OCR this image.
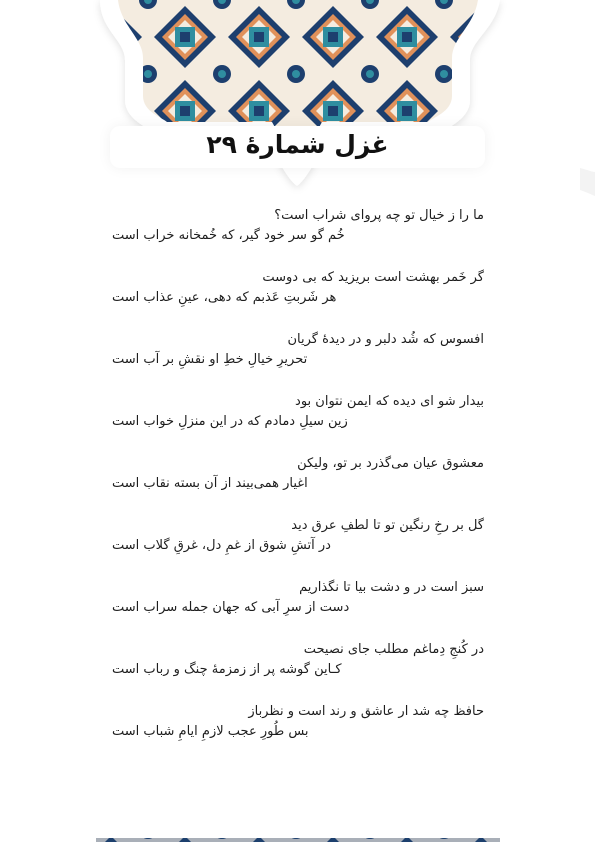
غزل شمارهٔ ۲۹
ما را ز خیال تو چه پروای شراب است؟
خُم گو سر خود گیر، که خُمخانه خراب است
گر خَمر بهشت است بریزید که بی دوست
هر شَربتِ عَذبم که دهی، عینِ عذاب است
افسوس که شُد دلبر و در دیدهٔ گریان
تحریرِ خیالِ خطِ او نقشِ بر آب است
بیدار شو ای دیده که ایمن نتوان بود
زین سیلِ دمادم که در این منزلِ خواب است
معشوق عیان می‌گذرد بر تو، ولیکن
اغیار همی‌بیند از آن بسته نقاب است
گل بر رخِ رنگین تو تا لطفِ عرق دید
در آتشِ شوق از غمِ دل، غرقِ گلاب است
سبز است در و دشت بیا تا نگذاریم
دست از سرِ آبی که جهان جمله سراب است
در کُنجِ دِماغم مطلب جای نصیحت
کـاین گوشه پر از زمزمهٔ چنگ و رباب است
حافظ چه شد ار عاشق و رند است و نظرباز
بس طُورِ عجب لازمِ ایامِ شباب است
